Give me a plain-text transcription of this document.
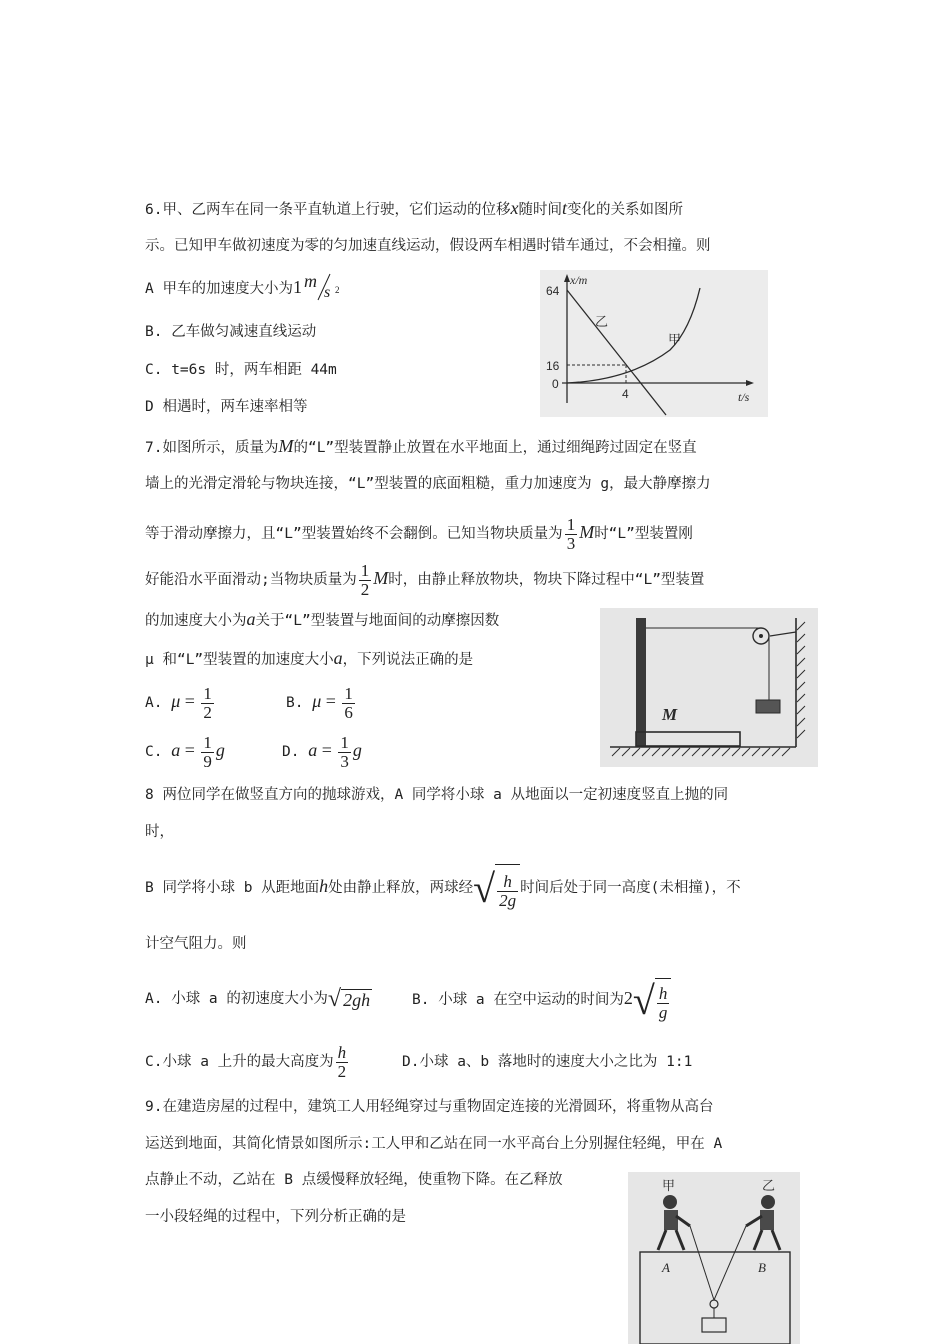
6.甲、乙两车在同一条平直轨道上行驶，它们运动的位移x随时间t变化的关系如图所
示。已知甲车做初速度为零的匀加速直线运动，假设两车相遇时错车通过，不会相撞。则
A 甲车的加速度大小为1 m
s 2
B. 乙车做匀减速直线运动
C. t=6s 时，两车相距 44m
D 相遇时，两车速率相等
x/m
t/s
64
16
0
4
乙
甲
7.如图所示，质量为M的“L”型装置静止放置在水平地面上，通过细绳跨过固定在竖直
墙上的光滑定滑轮与物块连接，“L”型装置的底面粗糙，重力加速度为 g，最大静摩擦力
等于滑动摩擦力，且“L”型装置始终不会翻倒。已知当物块质量为 $\frac{1}{3}$ M时“L”型装置刚
好能沿水平面滑动;当物块质量为 $\frac{1}{2}$ M时，由静止释放物块，物块下降过程中“L”型装置
的加速度大小为a关于“L”型装置与地面间的动摩擦因数
μ 和“L”型装置的加速度大小a，下列说法正确的是
A. $\mu = \frac{1}{2}$	B. $\mu = \frac{1}{6}$
C. $a = \frac{1}{9}$ g	D. $a = \frac{1}{3}$ g
M
8 两位同学在做竖直方向的抛球游戏，A 同学将小球 a 从地面以一定初速度竖直上抛的同
时，
B 同学将小球 b 从距地面h处由静止释放，两球经√ $\frac{h}{2g}$ 时间后处于同一高度(未相撞)，不
计空气阻力。则
A. 小球 a 的初速度大小为√ 2gh	B. 小球 a 在空中运动的时间为$2√ \frac{h}{g}$
C.小球 a 上升的最大高度为 $\frac{h}{2}$	D.小球 a、b 落地时的速度大小之比为 1:1
9.在建造房屋的过程中，建筑工人用轻绳穿过与重物固定连接的光滑圆环，将重物从高台
运送到地面，其简化情景如图所示:工人甲和乙站在同一水平高台上分别握住轻绳，甲在 A
点静止不动，乙站在 B 点缓慢释放轻绳，使重物下降。在乙释放
一小段轻绳的过程中，下列分析正确的是
甲	乙
A	B
